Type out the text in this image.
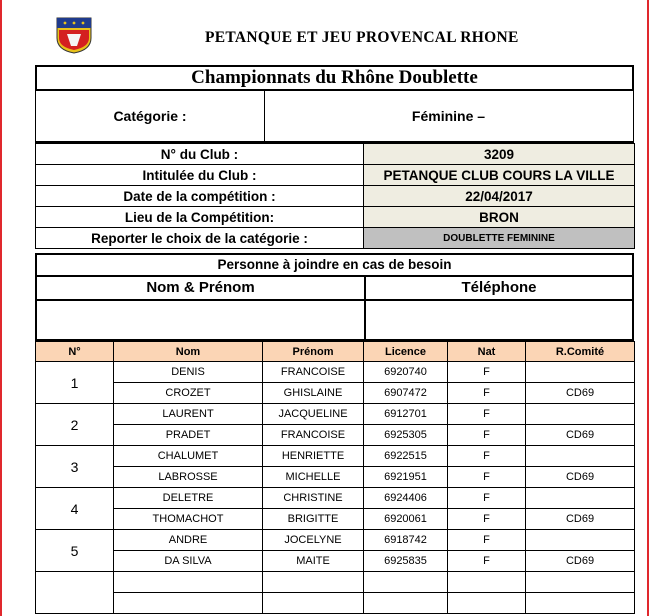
PETANQUE ET JEU PROVENCAL RHONE
Championnats du Rhône Doublette
Catégorie :	Féminine –
N° du Club :	3209
Intitulée du Club :	PETANQUE CLUB COURS LA VILLE
Date de la compétition :	22/04/2017
Lieu de la Compétition:	BRON
Reporter le choix de la catégorie :	DOUBLETTE FEMININE
Personne à joindre en cas de besoin
Nom & Prénom	Téléphone
N°	Nom	Prénom	Licence	Nat	R.Comité
1	DENIS	FRANCOISE	6920740	F	
	CROZET	GHISLAINE	6907472	F	CD69
2	LAURENT	JACQUELINE	6912701	F	
	PRADET	FRANCOISE	6925305	F	CD69
3	CHALUMET	HENRIETTE	6922515	F	
	LABROSSE	MICHELLE	6921951	F	CD69
4	DELETRE	CHRISTINE	6924406	F	
	THOMACHOT	BRIGITTE	6920061	F	CD69
5	ANDRE	JOCELYNE	6918742	F	
	DA SILVA	MAITE	6925835	F	CD69
